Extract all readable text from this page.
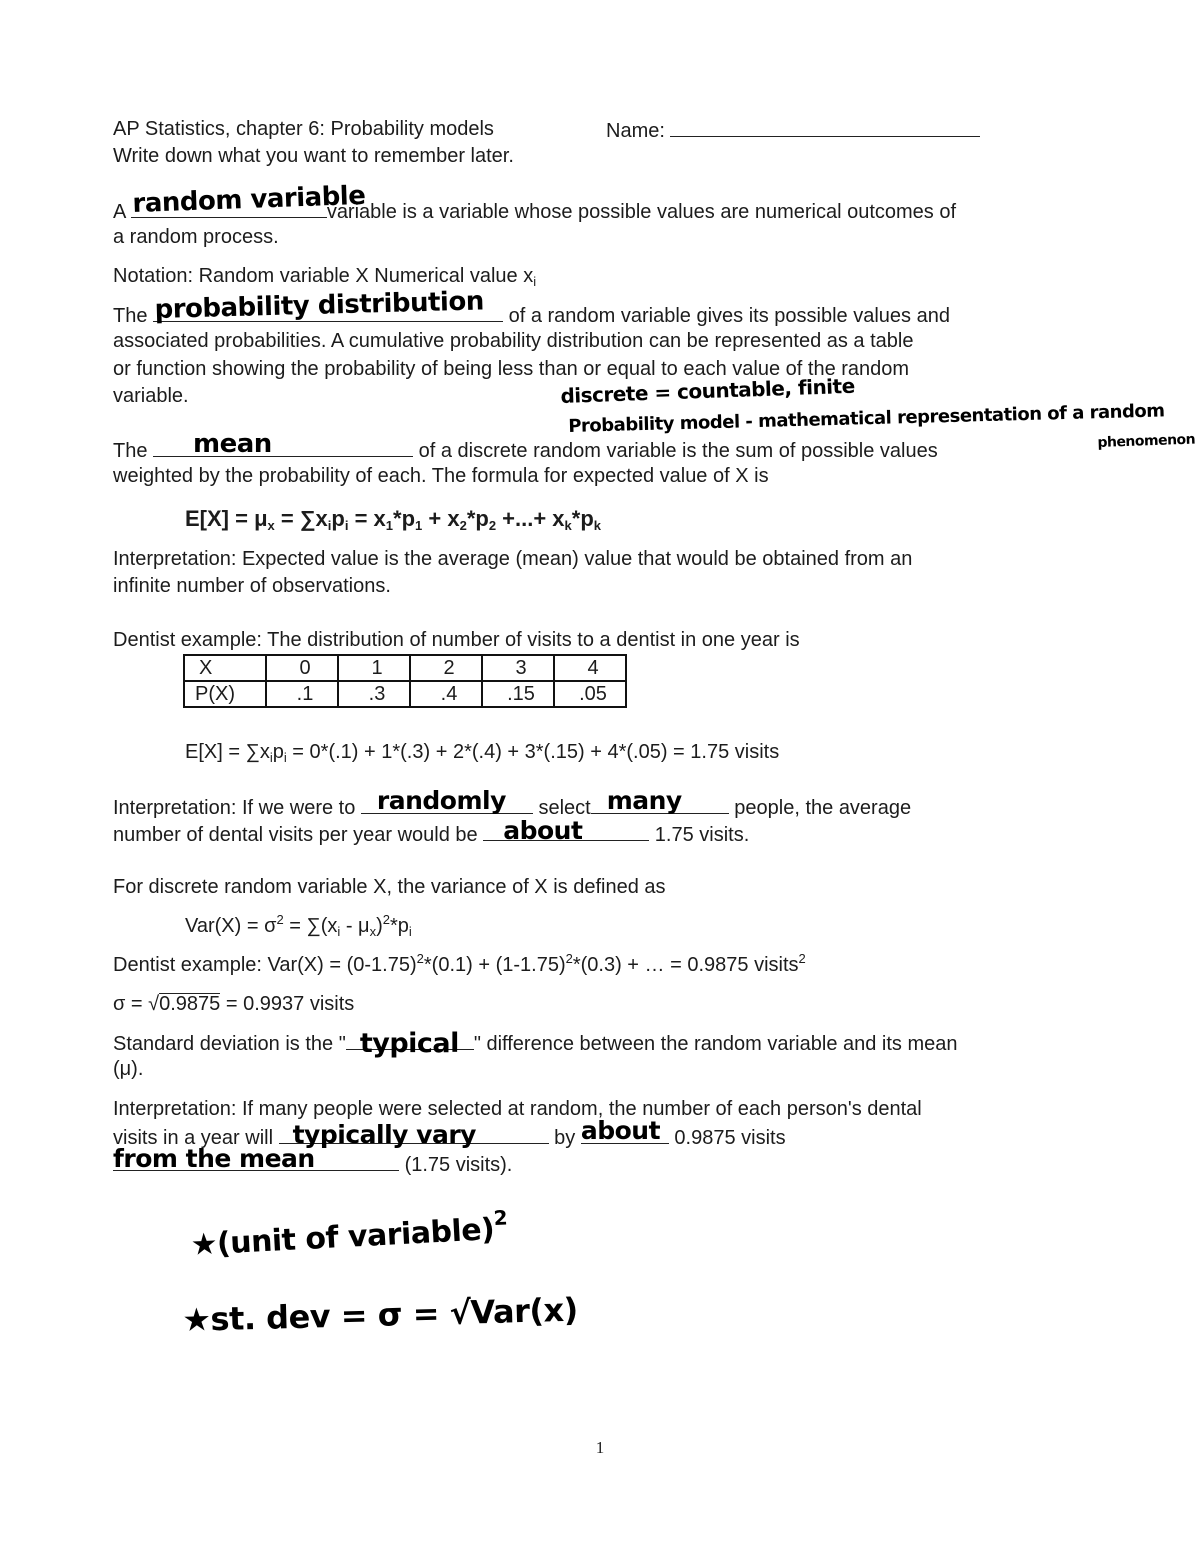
AP Statistics, chapter 6: Probability models	Name:
Write down what you want to remember later.
A random variable
variable is a variable whose possible values are numerical outcomes of
a random process.
Notation: Random variable X Numerical value $x_i$
The probability distribution of a random variable gives its possible values and
associated probabilities. A cumulative probability distribution can be represented as a table
or function showing the probability of being less than or equal to each value of the random
variable.	discrete = countable, finite
Probability model - mathematical representation of a random
phenomenon
The mean	of a discrete random variable is the sum of possible values
weighted by the probability of each. The formula for expected value of X is
$E[X] = \mu_x = \sum x_ip_i = x_1*p_1 + x_2*p_2$ +...+ $x_k*p_k$
Interpretation: Expected value is the average (mean) value that would be obtained from an
infinite number of observations.
Dentist example: The distribution of number of visits to a dentist in one year is
X	0	1	2	3	4
P(X)	.1	.3	.4	.15	.05
$E[X] = \sum x_ip_i = 0*(.1) + 1*(.3) + 2*(.4) + 3*(.15) + 4*(.05) = 1.75$ visits
Interpretation: If we were to randomly select many	people, the average
number of dental visits per year would be about	1.75 visits.
For discrete random variable X, the variance of X is defined as
$Var(X) = \sigma^2 = \sum(x_i - \mu_x)^2*p_i$
Dentist example: $Var(X) = (0-1.75)^2*(0.1) + (1-1.75)^2*(0.3)$ + … = 0.9875 visits$^2$
σ = √0.9875 = 0.9937 visits
Standard deviation is the " typical " difference between the random variable and its mean
(μ).
Interpretation: If many people were selected at random, the number of each person's dental
visits in a year will typically vary	by about 0.9875 visits
from the mean	(1.75 visits).
★(unit of variable)$^2$
★st. dev = σ = √Var(x)
1
